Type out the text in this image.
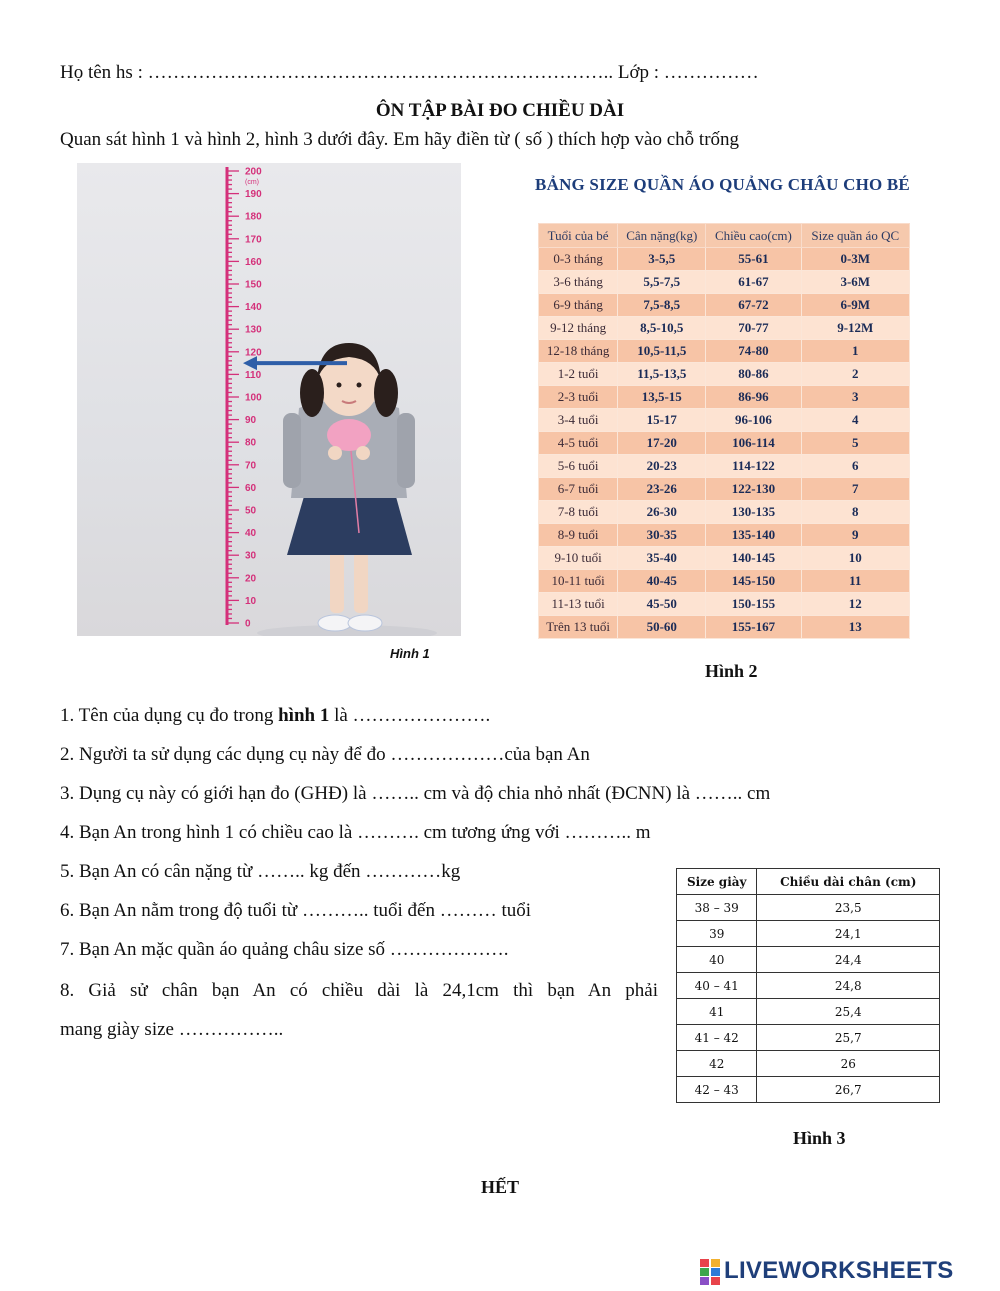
Họ tên hs : ……………………………………………………………….. Lớp : ……………
ÔN TẬP BÀI ĐO CHIỀU DÀI
Quan sát hình 1 và hình 2, hình 3 dưới đây. Em hãy điền từ ( số ) thích hợp vào chỗ trống
200
190
180
170
160
150
140
130
120
110
100
90
80
70
60
50
40
30
20
10
0
(cm)
Hình 1
BẢNG SIZE QUẦN ÁO QUẢNG CHÂU CHO BÉ
Tuổi của bé	Cân nặng(kg)	Chiều cao(cm)	Size quần áo QC
0-3 tháng	3-5,5	55-61	0-3M
3-6 tháng	5,5-7,5	61-67	3-6M
6-9 tháng	7,5-8,5	67-72	6-9M
9-12 tháng	8,5-10,5	70-77	9-12M
12-18 tháng	10,5-11,5	74-80	1
1-2 tuổi	11,5-13,5	80-86	2
2-3 tuổi	13,5-15	86-96	3
3-4 tuổi	15-17	96-106	4
4-5 tuổi	17-20	106-114	5
5-6 tuổi	20-23	114-122	6
6-7 tuổi	23-26	122-130	7
7-8 tuổi	26-30	130-135	8
8-9 tuổi	30-35	135-140	9
9-10 tuổi	35-40	140-145	10
10-11 tuổi	40-45	145-150	11
11-13 tuổi	45-50	150-155	12
Trên 13 tuổi	50-60	155-167	13
Hình 2
1. Tên của dụng cụ đo trong hình 1 là ………………….
2. Người ta sử dụng các dụng cụ này để đo ………………của bạn An
3. Dụng cụ này có giới hạn đo (GHĐ) là …….. cm và độ chia nhỏ nhất (ĐCNN) là …….. cm
4. Bạn An trong hình 1 có chiều cao là ………. cm tương ứng với ……….. m
5. Bạn An có cân nặng từ …….. kg đến …………kg
6. Bạn An nằm trong độ tuổi từ ……….. tuổi đến ……… tuổi
7. Bạn An mặc quần áo quảng châu size số ……………….
8. Giả sử chân bạn An có chiều dài là 24,1cm thì bạn An phải
mang giày size ……………..
Size giày	Chiều dài chân (cm)
38 – 39	23,5
39	24,1
40	24,4
40 – 41	24,8
41	25,4
41 – 42	25,7
42	26
42 – 43	26,7
Hình 3
HẾT
LIVEWORKSHEETS
